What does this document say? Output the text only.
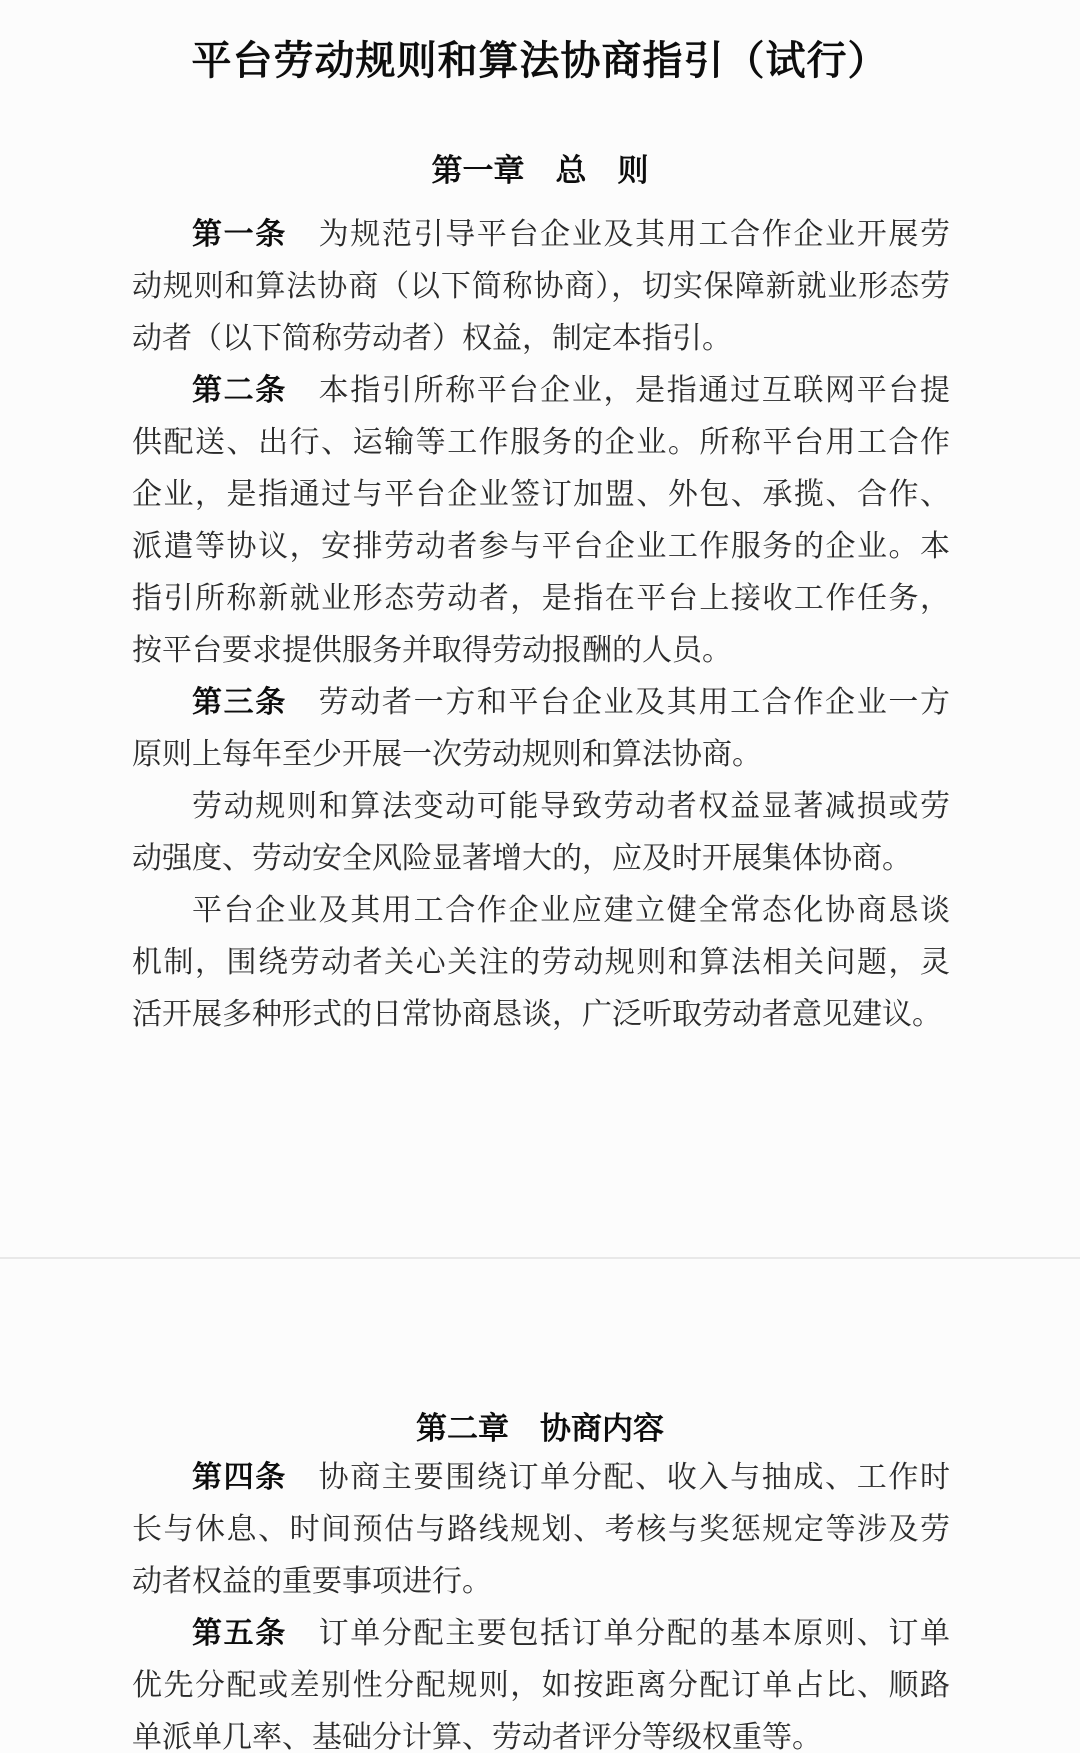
平台劳动规则和算法协商指引（试行）
第一章　总　则
第一条　为规范引导平台企业及其用工合作企业开展劳
动规则和算法协商（以下简称协商），切实保障新就业形态劳
动者（以下简称劳动者）权益，制定本指引。
第二条　本指引所称平台企业，是指通过互联网平台提
供配送、出行、运输等工作服务的企业。所称平台用工合作
企业，是指通过与平台企业签订加盟、外包、承揽、合作、
派遣等协议，安排劳动者参与平台企业工作服务的企业。本
指引所称新就业形态劳动者，是指在平台上接收工作任务，
按平台要求提供服务并取得劳动报酬的人员。
第三条　劳动者一方和平台企业及其用工合作企业一方
原则上每年至少开展一次劳动规则和算法协商。
劳动规则和算法变动可能导致劳动者权益显著减损或劳
动强度、劳动安全风险显著增大的，应及时开展集体协商。
平台企业及其用工合作企业应建立健全常态化协商恳谈
机制，围绕劳动者关心关注的劳动规则和算法相关问题，灵
活开展多种形式的日常协商恳谈，广泛听取劳动者意见建议。
第二章　协商内容
第四条　协商主要围绕订单分配、收入与抽成、工作时
长与休息、时间预估与路线规划、考核与奖惩规定等涉及劳
动者权益的重要事项进行。
第五条　订单分配主要包括订单分配的基本原则、订单
优先分配或差别性分配规则，如按距离分配订单占比、顺路
单派单几率、基础分计算、劳动者评分等级权重等。
